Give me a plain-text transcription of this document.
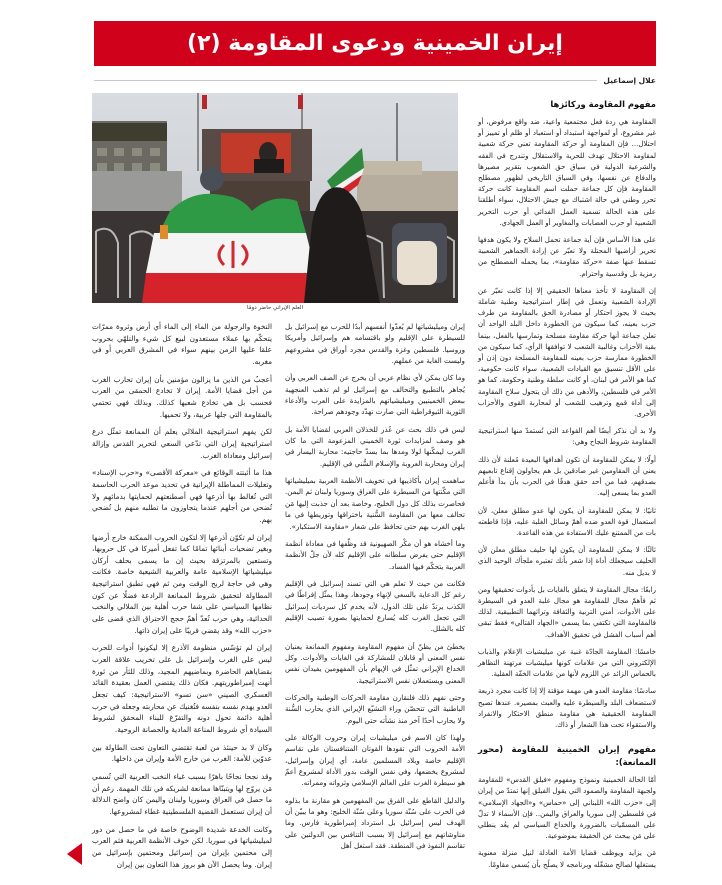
إيران الخمينية ودعوى المقاومة (٢)
علال إسماعيل
العلم الإيراني حاضر دومًا
مفهوم المقاومة وركائزها

المقاومة هي ردة فعل مجتمعية واعية، ضد واقع مرفوض، أو غير مشروع، أو لمواجهة استبداد أو استعباد أو ظلم أو تمييز أو احتلال... فإن المقاومة أو حركة المقاومة تعني حركة شعبية لمقاومة الاحتلال تهدف للحرية والاستقلال وتندرج في الفقه والشرعية الدولية في سياق حق الشعوب بتقرير مصيرها والدفاع عن نفسها، وفي السياق التاريخي لظهور مصطلح المقاومة فإن كل جماعة حملت اسم المقاومة كانت حركة تحرر وطني في حالة اشتباك مع جيش الاحتلال، سواء أطلقنا على هذه الحالة تسمية العمل الفدائي أو حرب التحرير الشعبية أو حرب العصابات والمغاوير أو العمل الجهادي.

على هذا الأساس فإن أية جماعة تحمل السلاح ولا يكون هدفها تحرير أراضيها المحتلة ولا تعبّر عن إرادة الجماهير الشعبية تسقط عنها صفة «حركة مقاومة»، بما يحمله المصطلح من رمزية بل وقدسية واحترام.

إن المقاومة لا تأخذ معناها الحقيقي إلا إذا كانت تعبّر عن الإرادة الشعبية وتعمل في إطار استراتيجية وطنية شاملة بحيث لا يجوز احتكار أو مصادرة الحق بالمقاومة من طرف حزب بعينه، كما سيكون من الخطورة داخل البلد الواحد أن تعلن جماعة أنها حركة مقاومة مسلحة وتمارسها بالفعل، بينما بقية الأحزاب وغالبية الشعب لا توافقها الرأي، كما سيكون من الخطورة ممارسة حزب بعينه للمقاومة المسلحة دون إذن أو على الأقل تنسيق مع القيادات الشعبية، سواء كانت حكومية، كما هو الأمر في لبنان، أو كانت سلطة وطنية وحكومة، كما هو الأمر في فلسطين، والأدهى من ذلك أن يتحول سلاح المقاومة إلى أداة قمع وترهيب للشعب أو لمحاربة القوى والأحزاب الأخرى.

ولا بد أن نذكر أيضًا أهم القواعد التي تُستمدّ منها استراتيجية المقاومة شروط النجاح وهي:

أولًا: لا يمكن للمقاومة أن تكون أهدافها البعيدة مُعلنة لأن ذلك يعني أن المقاومين غير صادقين بل هم يحاولون إقناع تابعيهم بصدقهم، فما من أحد حقق هدفًا في الحرب بأن بدأ فأعلم العدو بما يسعى إليه.

ثانيًا: لا يمكن للمقاومة أن يكون لها عدو مطلق معلن، لأن استعمال قوة العدو ضده أهمّ وسائل الغلبة عليه، فإذا قاطعته بات من الممتنع عليك الاستفادة من هذه القاعدة.

ثالثًا: لا يمكن للمقاومة أن يكون لها حليف مطلق معلن لأن الحليف سيجعلك أداة إذا شعر بأنك تعتبره ملجأك الوحيد الذي لا بديل منه.

رابعًا: مجال المقاومة لا يتعلق بالغايات بل بأدوات تحقيقها ومن ثم فأهمّ مجال للمقاومة هو مجال غلبة العدو في السيطرة على الأدوات، أمني التربية والثقافة وتراثهما التطبيقية. لذلك فالمقاومة التي تكتفي بما يسمى «الجهاد القتالي» فقط تبقى أهم أسباب الفشل في تحقيق الأهداف.

خامسًا: المقاومة الجادّة غنية عن ميليشيات الإعلام والذباب الإلكتروني التي من علامات كونها ميليشيات مرتهنة التظاهر بالحماس الزائد عن اللزوم لأنها من علامات الخفّة العقلية.

سادسًا: مقاومة العدو هي مهمة مؤقتة إلا إذا كانت مجرد ذريعة لاستضعاف البلد والسيطرة عليه والعبث بمصيره. عندها تصبح المقاومة الحقيقية هي مقاومة منطق الاحتكار والانفراد والاستقواء تحت هذا الشعار أو ذاك.

مفهوم إيران الخمينية للمقاومة (محور الممانعة):

أمّا الحالة الخمينية ونموذج ومفهوم «فيلق القدس» للمقاومة ولجبهة المقاومة والصمود التي يقول الفيلق إنها تمتدّ من إيران إلى «حزب الله» اللبناني إلى «حماس» و«الجهاد الإسلامي» في فلسطين إلى سوريا والعراق واليمن.. فإن الأسماء لا تدلّ على المسمّيات بالضرورة والخداع السياسي لم يعُد ينطلي على مَن يبحث عن الحقيقة بموضوعية.

مَن يزايد ويوظف قضايا الأمة العادلة لنيل منزلة معنوية يستغلها لصالح مشغّله وبرنامجه لا يصلُح بأن يُسمى مقاومًا.

إيران وميليشياتها لم يُعدّوا أنفسهم أبدًا للحرب مع إسرائيل بل للسيطرة على الإقليم ولو باقتسامه هم وإسرائيل وأمريكا وروسيا. فلسطين وغزة والقدس مجرد أوراق في مشروعهم وليست الغاية من عملهم.

وما كان يمكن لأي نظام عربي أن يخرج عن الصف العربي وأن يُجاهر بالتطبيع والتحالف مع إسرائيل لو لم تذهب العنجهية ببعض الخمينيين وميليشياتهم بالمزايدة على العرب والأدعاء الثورية الثيوقراطية التي صارت تهدّد وجودهم صراحة.

ليس في ذلك بحث عن عُذر للخذلان العربي لقضايا الأمة بل هو وصف لمزايدات ثورة الخميني المزعومة التي ما كان الغرب ليمكّنها لولا ومدها بما يسدّ حاجتيه: محاربة اليسار في إيران ومحاربة العروبة والإسلام السُّني في الإقليم.

ساهمت إيران بأكاذيبها في تخويف الأنظمة العربية بميليشياتها التي مكّنتها من السيطرة على العراق وسوريا ولبنان ثم اليمن. فحاصرت بذلك كل دول الخليج، وخاصة بعد أن جذبت إليها مَن تحالف معها من المقاومة السُّنية باختراقها وتوريطها في ما يلهي الغرب بهم حتى تحافظ على شعار «مقاومة الاستكبار».

وما أخشاه هو أن مكْر الصهيونية قد وظّفها في معاداة أنظمة الإقليم حتى يفرض سلطانه على الإقليم كله لأن جلّ الأنظمة العربية يتحكّم فيها الفساد.

فكانت من حيث لا تعلم هي التي تسند إسرائيل في الإقليم رغم كل الدعاية بالسعي لإنهاء وجودها، وهذا يمثّل إفراطًا في الكذب يرتدّ على تلك الدول، لأنه يخدم كل سرديات إسرائيل التي تجعل الغرب كله يُسارع لحمايتها بصورة تصيب الإقليم كله بالشلل.

يخطئ من يظنّ أن مفهوم المقاومة ومفهوم الممانعة يعنيان نفس المعنى أو قابلان للمشاركة في الغايات والأدوات. وكل الخداع الإيراني تمثّل في الإيهام بأن المفهومين يفيدان نفس المعنى ويستعملان نفس الاستراتيجية.

وحتى نفهم ذلك فلنقارن مقاومة الحركات الوطنية والحركات الباطنية التي تتحصّن وراء التشيّع الإيراني الذي يحارب السُّنة ولا يحارب أحدًا آخر منذ نشأته حتى اليوم.

ولهذا كان الاسم في ميليشيات إيران وحروب الوكالة على الأمة الحروب التي تقودها القوتان المتنافستان على تقاسم الإقليم خاصة وبلاد المسلمين عامة، أي إيران وإسرائيل، لمشروع يخضعها، وفي نفس الوقت بدور الأداة لمشروع أعمّ هو سيطرة الغرب على العالم الإسلامي وثرواته وممراته.

والدليل القاطع على الفرق بين المفهومين هو مقارنة ما بذلوه في الحرب على سُنّة سوريا وعلى سُنّة الخليج: وهو ما يبيّن أن الهدف ليس إسرائيل بل استرداد إمبراطورية فارس. وما مناوشاتهم مع إسرائيل إلا بسبب التنافس بين الدولتين على تقاسم النفوذ في المنطقة. فقد استغل أهل

النخوة والرجولة من الماء إلى الماء أي أرض وثروة ممرّات يتحكّم بها عملاء مستعدون لبيع كل شيء والتلهّي بحروب علقا عليها الزمن بينهم سواء في المشرق العربي أو في مغربه.

أعجبُ من الذين ما يزالون مؤمنين بأن إيران تحارب الغرب من أجل قضايا الأمة. إيران لا تخادع الحمقى من العرب فحسب بل هي تخادع شعبها كذلك. وبذلك فهي تحتمي بالمقاومة التي جلها عربية، ولا تحميها.

لكن يفهم استراتيجية الملالي يعلم أن الممانعة تمثّل درع استراتيجية إيران التي تدّعي السعي لتحرير القدس وإزالة إسرائيل ومعاداة الغرب.

هذا ما أثبتته الوقائع في «معركة الأقصى» و«حرب الإسناد» وتعليلات المماطلة الإيرانية في تحديد موعد الحرب الحاسمة التي تُغالط بها أذرعها فهي أصطنعتهم لحمايتها بدمائهم ولا تُضحي من أجلهم عندما يتجاوزون ما تطلبه منهم بل تُضحي بهم.

إيران لم تكوّن أذرعها إلا لتكون الحروب الممكنة خارج أرضها وبغير تضحيات أبنائها تمامًا كما تفعل أميركا في كل حروبها، وتستعين بالمرتزقة بحيث إن ما يسمى بحلف أركان ميليشياتها الإسلامية عامة والعربية الشيعية خاصة. فكانت وهي في حاجة لربح الوقت ومن ثم فهي تطبق استراتيجية المطاولة لتحقيق شروط الممانعة الرادعة فضلًا عن كون نظامها السياسي على شفا حرب أهلية بين الملالي والنخب الحداثية، وهي حرب تُعدّ أهمّ حجج الاحتراق الذي قضى على «حزب الله» وقد يقضي قريبًا على إيران ذاتها.

إيران لم تؤسّس منظومة الأذرع إلا ليكونوا أدوات للحرب ليس على الغرب وإسرائيل بل على تخريب علاقة العرب بقضاياهم الحاضرة وبماضيهم المجيد، وذلك للثأر من ثورة أنهت إمبراطوريتهم. فكان ذلك يقتضي العمل بعقيدة القائد العسكري الصيني «سن تسو» الاستراتيجية: كيف تجعل العدو يهدم نفسه بنفسه فتُغنيك عن محاربته وجعله في حرب أهلية دائمة تحول دونه والتفرّغ للبناء المحقق لشروط السيادة أي شروط المناعة المادية والحصانة الروحية.

وكان لا بد حينئذ من لعبة تقتضي التعاون تحت الطاولة بين عدوّين للأمة: الغرب من خارج الأمة وإيران من داخلها.

وقد نجحا نجاحًا باهرًا بسبب غباء النخب العربية التي تُسمي مَن يروّج لها ويتبنّاها ممانعة لشريكه في تلك المهمة. رغم أن ما حصل في العراق وسوريا ولبنان واليمن كان واضح الدلالة أن إيران تستعمل القضية الفلسطينية غطاء لمشروعها.

وكانت الخدعة شديدة الوضوح خاصة في ما حصل من دور لميليشياتها في سوريا. لكن خوف الأنظمة العربية فثم العرب إلى محتمين بإيران من إسرائيل ومحتمين بإسرائيل من إيران. وما يحصل الآن هو بروز هذا التعاون بين إيران
